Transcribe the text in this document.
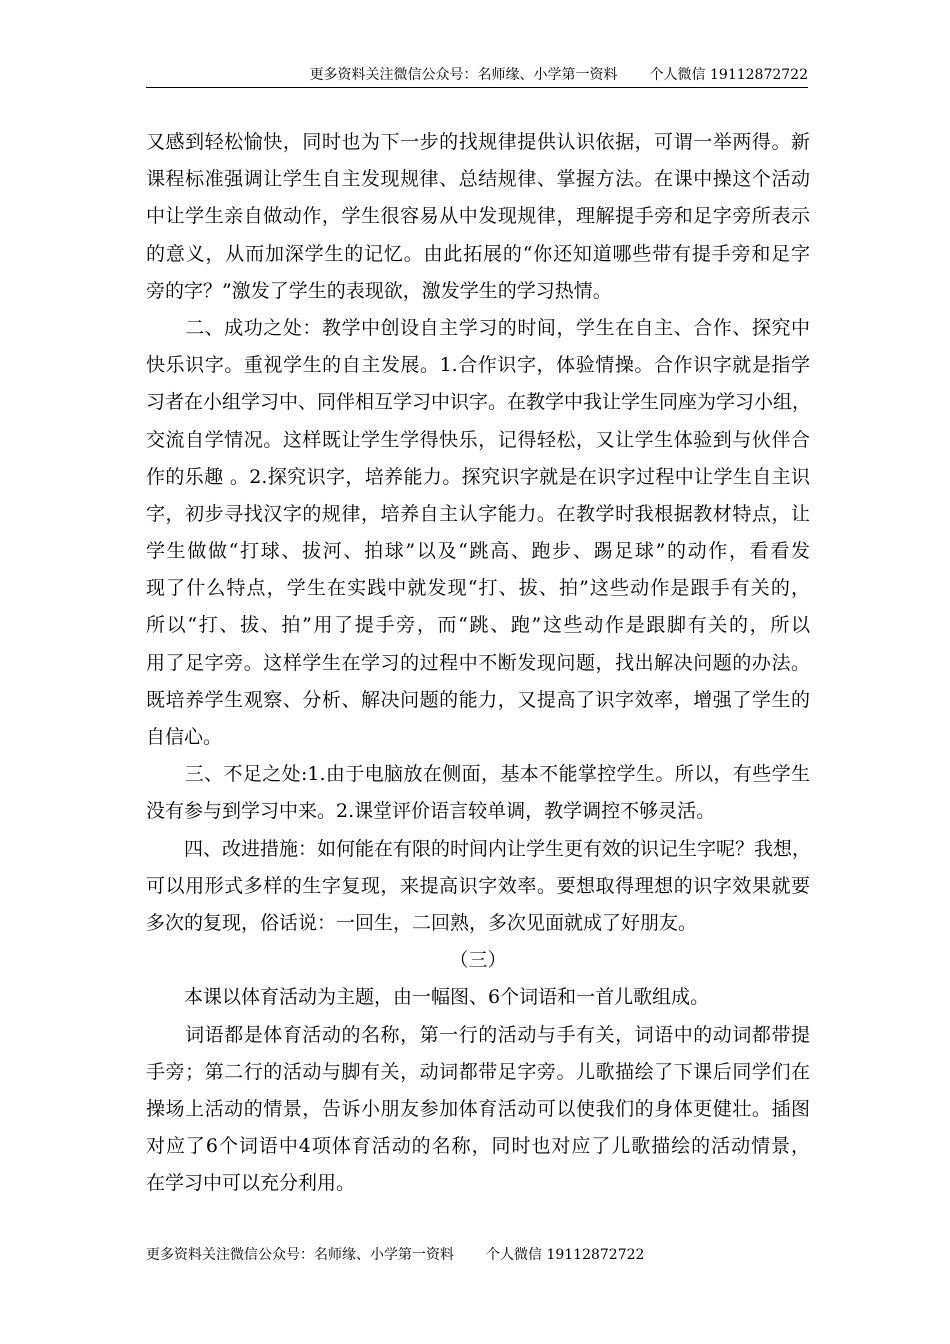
更多资料关注微信公众号：名师缘、小学第一资料 个人微信 19112872722
又感到轻松愉快，同时也为下一步的找规律提供认识依据，可谓一举两得。新
课程标准强调让学生自主发现规律、总结规律、掌握方法。在课中操这个活动
中让学生亲自做动作，学生很容易从中发现规律，理解提手旁和足字旁所表示
的意义，从而加深学生的记忆。由此拓展的“你还知道哪些带有提手旁和足字
旁的字？”激发了学生的表现欲，激发学生的学习热情。
　　二、成功之处：教学中创设自主学习的时间，学生在自主、合作、探究中
快乐识字。重视学生的自主发展。1.合作识字，体验情操。合作识字就是指学
习者在小组学习中、同伴相互学习中识字。在教学中我让学生同座为学习小组，
交流自学情况。这样既让学生学得快乐，记得轻松，又让学生体验到与伙伴合
作的乐趣 。2.探究识字，培养能力。探究识字就是在识字过程中让学生自主识
字，初步寻找汉字的规律，培养自主认字能力。在教学时我根据教材特点，让
学生做做“打球、拔河、拍球”以及“跳高、跑步、踢足球”的动作，看看发
现了什么特点，学生在实践中就发现“打、拔、拍”这些动作是跟手有关的，
所以“打、拔、拍”用了提手旁，而“跳、跑”这些动作是跟脚有关的，所以
用了足字旁。这样学生在学习的过程中不断发现问题，找出解决问题的办法。
既培养学生观察、分析、解决问题的能力，又提高了识字效率，增强了学生的
自信心。
　　三、不足之处:1.由于电脑放在侧面，基本不能掌控学生。所以，有些学生
没有参与到学习中来。2.课堂评价语言较单调，教学调控不够灵活。
　　四、改进措施：如何能在有限的时间内让学生更有效的识记生字呢？我想，
可以用形式多样的生字复现，来提高识字效率。要想取得理想的识字效果就要
多次的复现，俗话说：一回生，二回熟，多次见面就成了好朋友。
（三）
　　本课以体育活动为主题，由一幅图、6个词语和一首儿歌组成。
　　词语都是体育活动的名称，第一行的活动与手有关，词语中的动词都带提
手旁；第二行的活动与脚有关，动词都带足字旁。儿歌描绘了下课后同学们在
操场上活动的情景，告诉小朋友参加体育活动可以使我们的身体更健壮。插图
对应了6个词语中4项体育活动的名称，同时也对应了儿歌描绘的活动情景，
在学习中可以充分利用。
更多资料关注微信公众号：名师缘、小学第一资料 个人微信 19112872722
